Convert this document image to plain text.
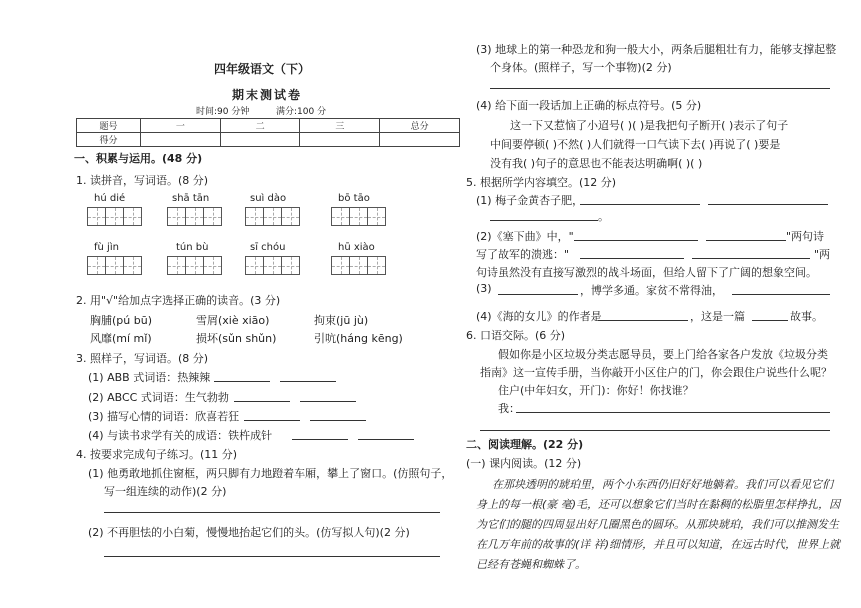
四年级语文（下）
期末测试卷
时间:90 分钟	满分:100 分
题号	一	二	三	总分
得分				
一、积累与运用。(48 分)
1. 读拼音，写词语。(8 分)
hú dié	shā tān	suì dào	bō tāo
fù jìn	tún bù	sī chóu	hū xiào
2. 用"√"给加点字选择正确的读音。(3 分)
胸脯(pú bū)	雪屑(xiè xiāo)	拘束(jū jù)
风靡(mí mǐ)	损坏(sǔn shǔn)	引吭(háng kēng)
3. 照样子，写词语。(8 分)
(1) ABB 式词语：热辣辣
(2) ABCC 式词语：生气勃勃
(3) 描写心情的词语：欣喜若狂
(4) 与读书求学有关的成语：铁杵成针
4. 按要求完成句子练习。(11 分)
(1) 他勇敢地抓住窗框，两只脚有力地蹬着车厢，攀上了窗口。(仿照句子，
写一组连续的动作)(2 分)
(2) 不再胆怯的小白菊，慢慢地抬起它们的头。(仿写拟人句)(2 分)
(3) 地球上的第一种恐龙和狗一般大小，两条后腿粗壮有力，能够支撑起整
个身体。(照样子，写一个事物)(2 分)
(4) 给下面一段话加上正确的标点符号。(5 分)
这一下又惹恼了小迢号( )( )是我把句子断开( )表示了句子
中间要停顿( )不然( )人们就得一口气读下去( )再说了( )要是
没有我( )句子的意思也不能表达明确啊( )( )
5. 根据所学内容填空。(12 分)
(1) 梅子金黄杏子肥，
。
(2)《塞下曲》中，"	"两句诗
写了故军的溃逃："	"两
句诗虽然没有直接写激烈的战斗场面，但给人留下了广阔的想象空间。
(3)	，博学多通。家贫不常得油，
(4)《海的女儿》的作者是	，这是一篇	故事。
6. 口语交际。(6 分)
假如你是小区垃圾分类志愿导员，要上门给各家各户发放《垃圾分类
指南》这一宣传手册，当你敲开小区住户的门，你会跟住户说些什么呢？
住户(中年妇女，开门)：你好！你找谁？
我：
二、阅读理解。(22 分)
(一) 课内阅读。(12 分)
在那块透明的琥珀里，两个小东西仍旧好好地躺着。我们可以看见它们
身上的每一根(豪 毫)毛，还可以想象它们当时在黏稠的松脂里怎样挣扎，因
为它们的腿的四周显出好几圈黑色的圆环。从那块琥珀，我们可以推测发生
在几万年前的故事的(详 祥)细情形，并且可以知道，在远古时代，世界上就
已经有苍蝇和蜘蛛了。
